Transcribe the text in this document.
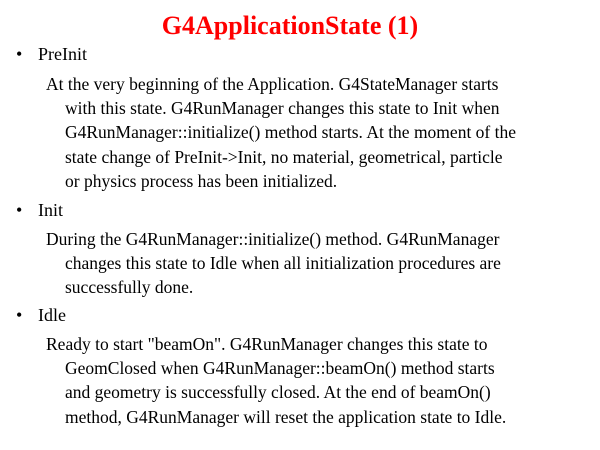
G4ApplicationState (1)
• PreInit
At the very beginning of the Application. G4StateManager starts
with this state. G4RunManager changes this state to Init when
G4RunManager::initialize() method starts. At the moment of the
state change of PreInit->Init, no material, geometrical, particle
or physics process has been initialized.
• Init
During the G4RunManager::initialize() method. G4RunManager
changes this state to Idle when all initialization procedures are
successfully done.
• Idle
Ready to start "beamOn". G4RunManager changes this state to
GeomClosed when G4RunManager::beamOn() method starts
and geometry is successfully closed. At the end of beamOn()
method, G4RunManager will reset the application state to Idle.
